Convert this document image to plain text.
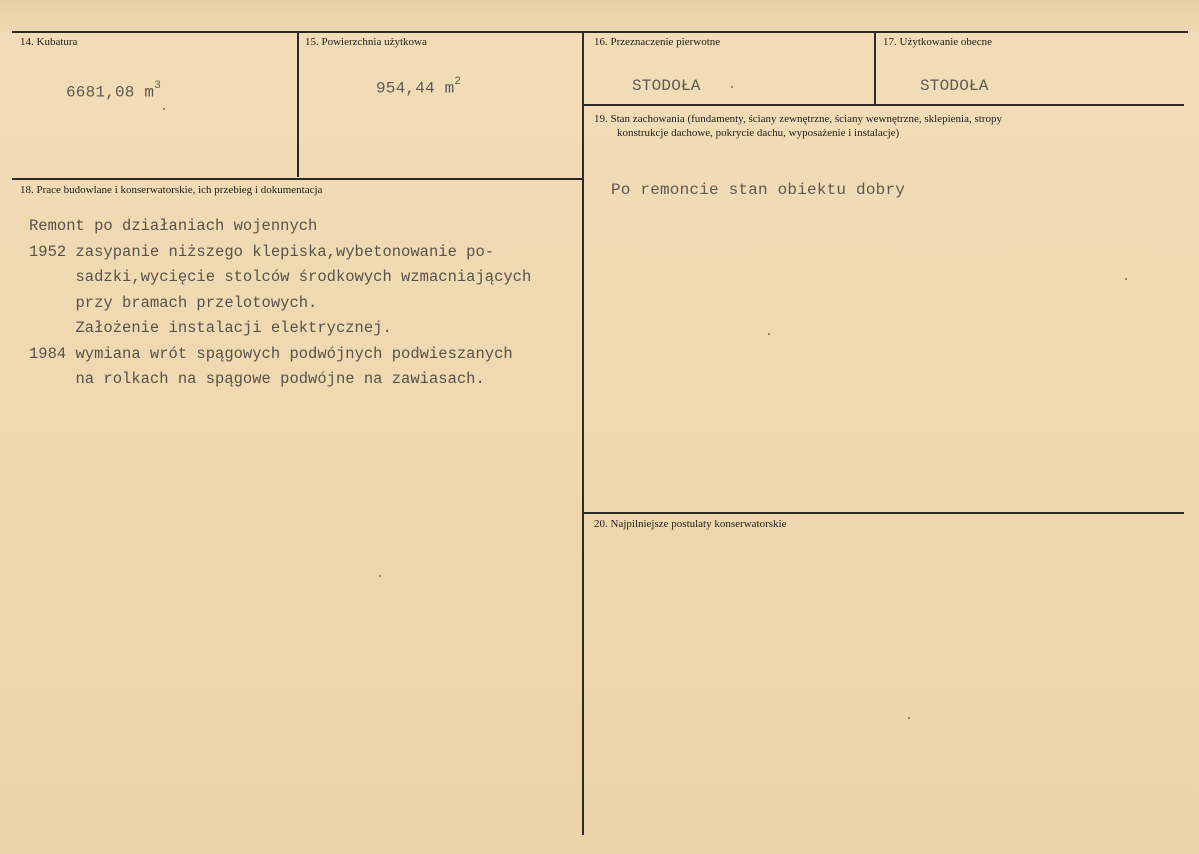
14. Kubatura
6681,08 $m^3$
15. Powierzchnia użytkowa
954,44 $m^2$
16. Przeznaczenie pierwotne
STODOŁA
17. Użytkowanie obecne
STODOŁA
19. Stan zachowania (fundamenty, ściany zewnętrzne, ściany wewnętrzne, sklepienia, stropy
konstrukcje dachowe, pokrycie dachu, wyposażenie i instalacje)
Po remoncie stan obiektu dobry
18. Prace budowlane i konserwatorskie, ich przebieg i dokumentacja
Remont po działaniach wojennych
1952 zasypanie niższego klepiska,wybetonowanie po-
sadzki,wycięcie stolców środkowych wzmacniających
przy bramach przelotowych.
Założenie instalacji elektrycznej.
1984 wymiana wrót spągowych podwójnych podwieszanych
na rolkach na spągowe podwójne na zawiasach.
20. Najpilniejsze postulaty konserwatorskie
